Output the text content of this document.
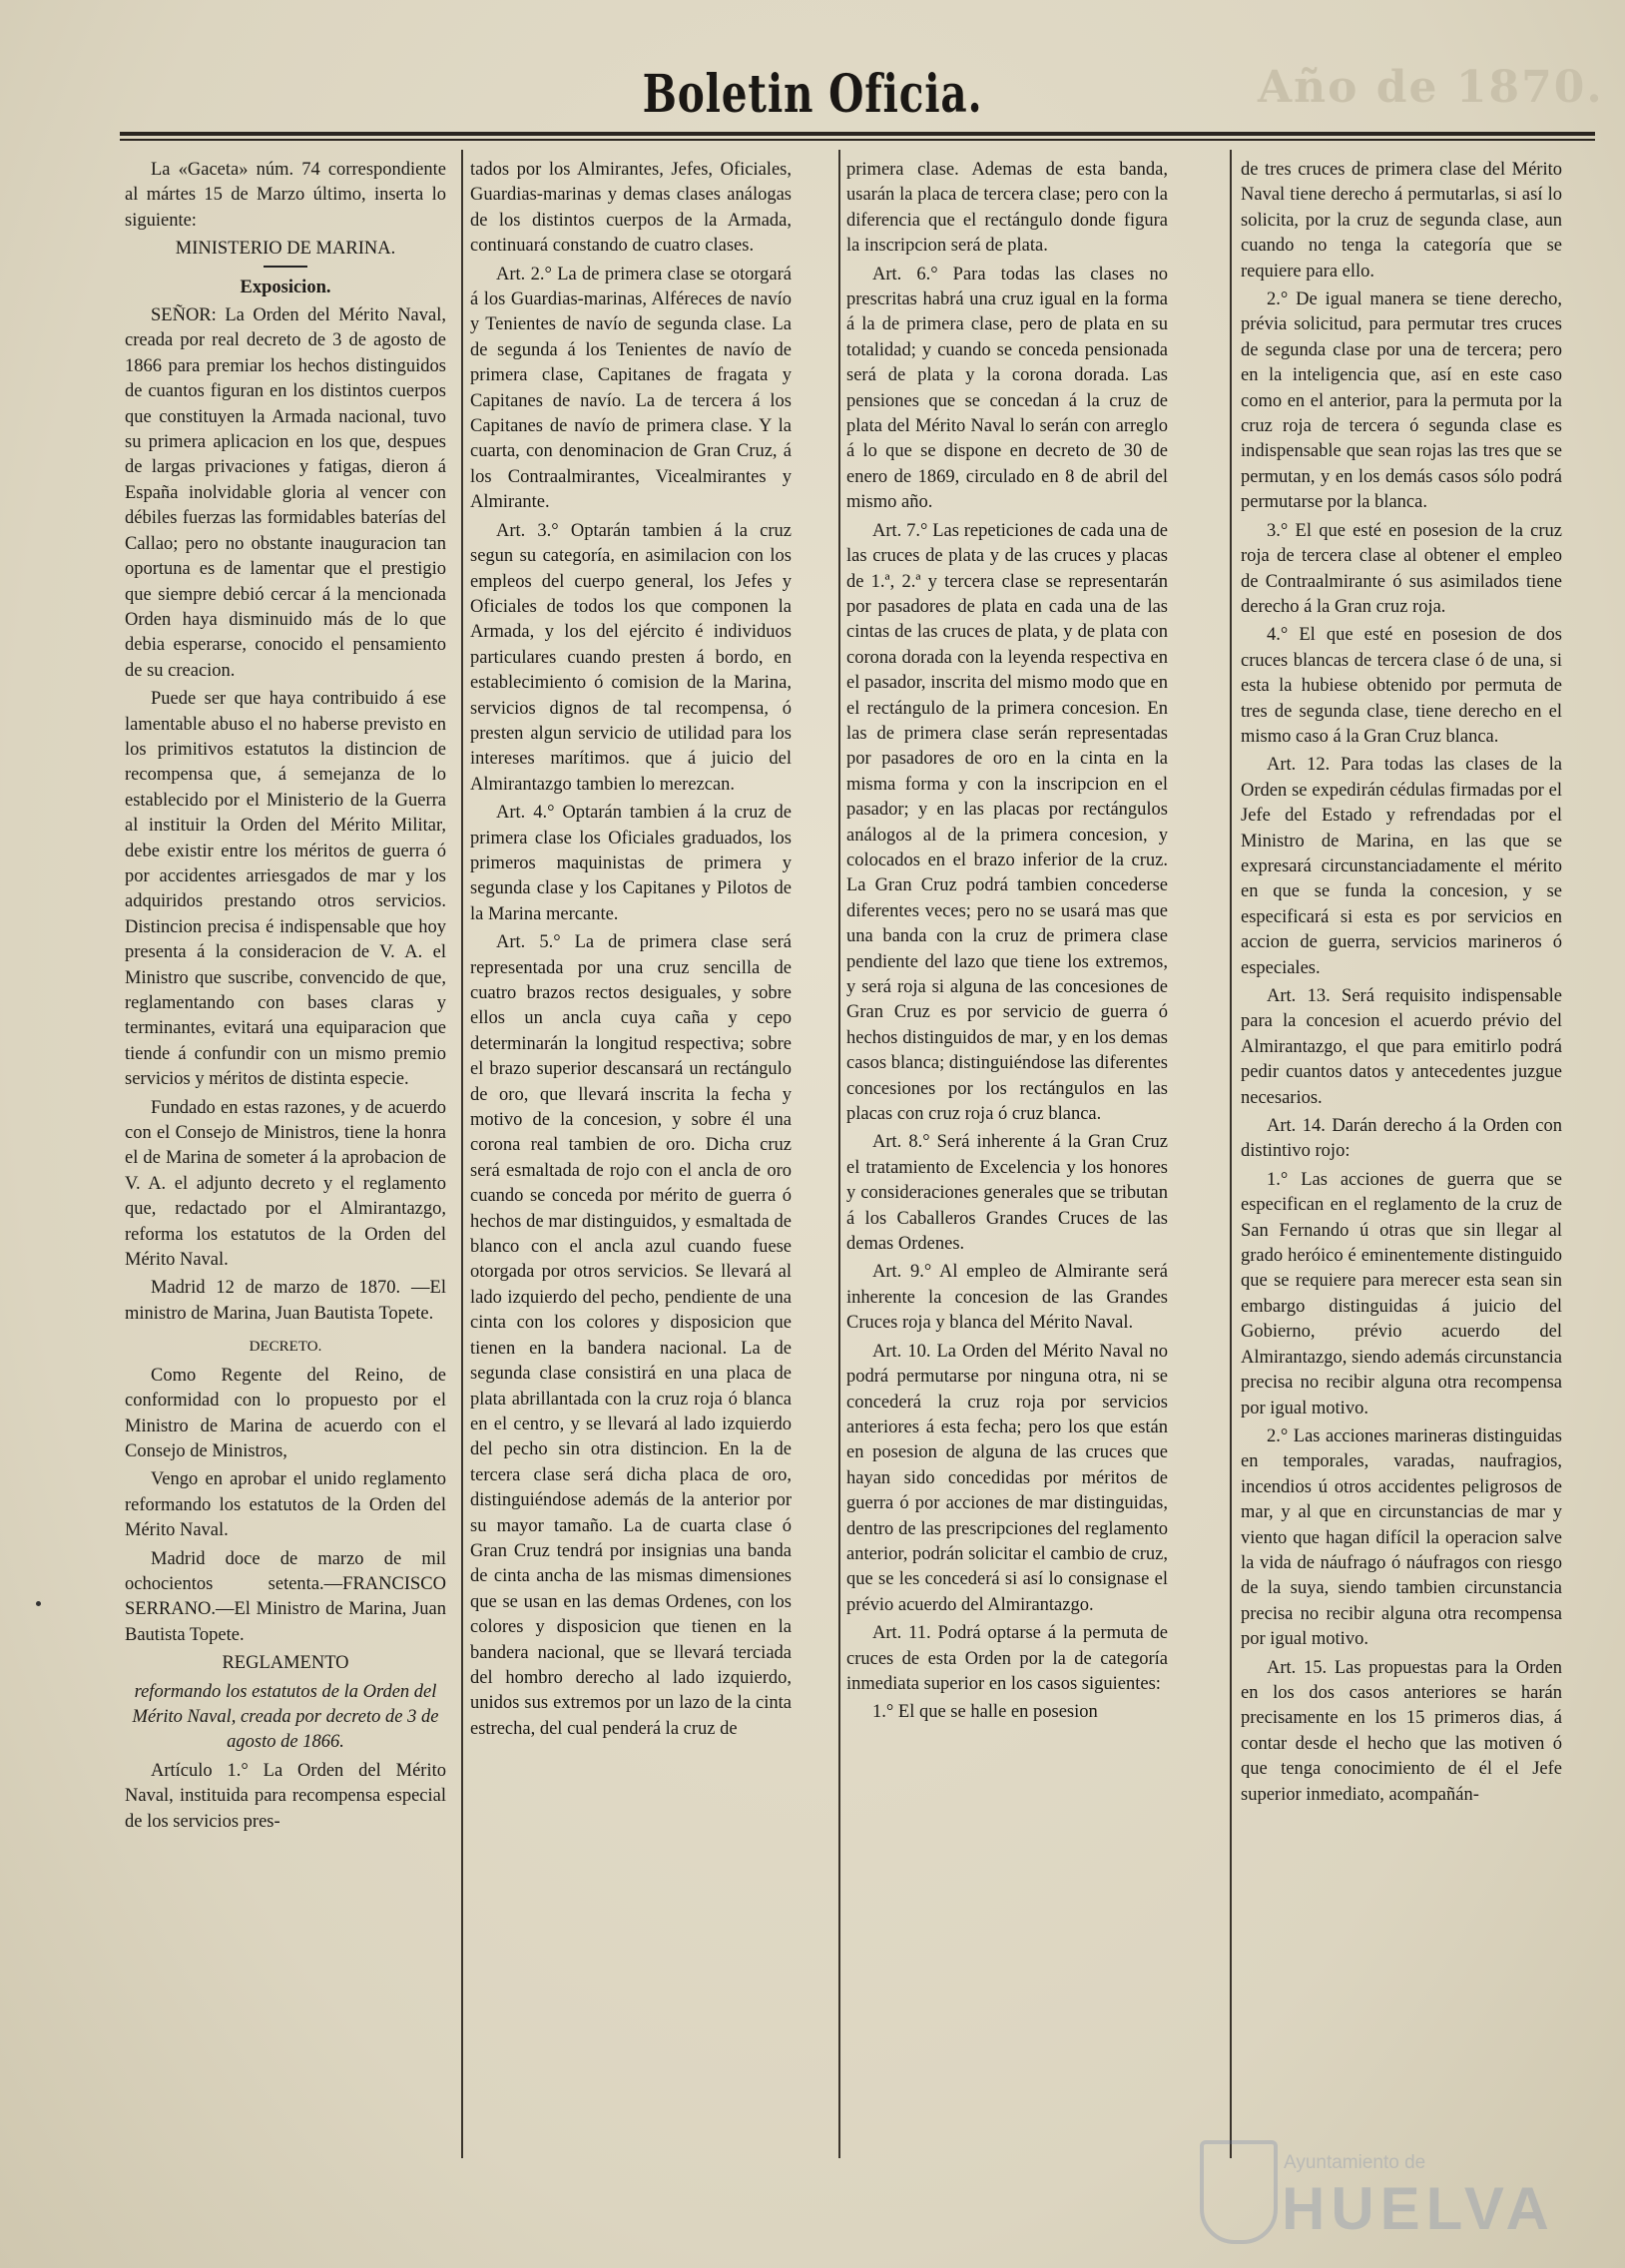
Año de 1870.
Boletin Oficia.

La «Gaceta» núm. 74 correspondiente al mártes 15 de Marzo último, inserta lo siguiente:

MINISTERIO DE MARINA.

Exposicion.

SEÑOR: La Orden del Mérito Naval, creada por real decreto de 3 de agosto de 1866 para premiar los hechos distinguidos de cuantos figuran en los distintos cuerpos que constituyen la Armada nacional, tuvo su primera aplicacion en los que, despues de largas privaciones y fatigas, dieron á España inolvidable gloria al vencer con débiles fuerzas las formidables baterías del Callao; pero no obstante inauguracion tan oportuna es de lamentar que el prestigio que siempre debió cercar á la mencionada Orden haya disminuido más de lo que debia esperarse, conocido el pensamiento de su creacion.

Puede ser que haya contribuido á ese lamentable abuso el no haberse previsto en los primitivos estatutos la distincion de recompensa que, á semejanza de lo establecido por el Ministerio de la Guerra al instituir la Orden del Mérito Militar, debe existir entre los méritos de guerra ó por accidentes arriesgados de mar y los adquiridos prestando otros servicios. Distincion precisa é indispensable que hoy presenta á la consideracion de V. A. el Ministro que suscribe, convencido de que, reglamentando con bases claras y terminantes, evitará una equiparacion que tiende á confundir con un mismo premio servicios y méritos de distinta especie.

Fundado en estas razones, y de acuerdo con el Consejo de Ministros, tiene la honra el de Marina de someter á la aprobacion de V. A. el adjunto decreto y el reglamento que, redactado por el Almirantazgo, reforma los estatutos de la Orden del Mérito Naval.

Madrid 12 de marzo de 1870. —El ministro de Marina, Juan Bautista Topete.

DECRETO.

Como Regente del Reino, de conformidad con lo propuesto por el Ministro de Marina de acuerdo con el Consejo de Ministros,

Vengo en aprobar el unido reglamento reformando los estatutos de la Orden del Mérito Naval.

Madrid doce de marzo de mil ochocientos setenta.—FRANCISCO SERRANO.—El Ministro de Marina, Juan Bautista Topete.

REGLAMENTO

reformando los estatutos de la Orden del Mérito Naval, creada por decreto de 3 de agosto de 1866.

Artículo 1.° La Orden del Mérito Naval, instituida para recompensa especial de los servicios pres-

tados por los Almirantes, Jefes, Oficiales, Guardias-marinas y demas clases análogas de los distintos cuerpos de la Armada, continuará constando de cuatro clases.

Art. 2.° La de primera clase se otorgará á los Guardias-marinas, Alféreces de navío y Tenientes de navío de segunda clase. La de segunda á los Tenientes de navío de primera clase, Capitanes de fragata y Capitanes de navío. La de tercera á los Capitanes de navío de primera clase. Y la cuarta, con denominacion de Gran Cruz, á los Contraalmirantes, Vicealmirantes y Almirante.

Art. 3.° Optarán tambien á la cruz segun su categoría, en asimilacion con los empleos del cuerpo general, los Jefes y Oficiales de todos los que componen la Armada, y los del ejército é individuos particulares cuando presten á bordo, en establecimiento ó comision de la Marina, servicios dignos de tal recompensa, ó presten algun servicio de utilidad para los intereses marítimos. que á juicio del Almirantazgo tambien lo merezcan.

Art. 4.° Optarán tambien á la cruz de primera clase los Oficiales graduados, los primeros maquinistas de primera y segunda clase y los Capitanes y Pilotos de la Marina mercante.

Art. 5.° La de primera clase será representada por una cruz sencilla de cuatro brazos rectos desiguales, y sobre ellos un ancla cuya caña y cepo determinarán la longitud respectiva; sobre el brazo superior descansará un rectángulo de oro, que llevará inscrita la fecha y motivo de la concesion, y sobre él una corona real tambien de oro. Dicha cruz será esmaltada de rojo con el ancla de oro cuando se conceda por mérito de guerra ó hechos de mar distinguidos, y esmaltada de blanco con el ancla azul cuando fuese otorgada por otros servicios. Se llevará al lado izquierdo del pecho, pendiente de una cinta con los colores y disposicion que tienen en la bandera nacional. La de segunda clase consistirá en una placa de plata abrillantada con la cruz roja ó blanca en el centro, y se llevará al lado izquierdo del pecho sin otra distincion. En la de tercera clase será dicha placa de oro, distinguiéndose además de la anterior por su mayor tamaño. La de cuarta clase ó Gran Cruz tendrá por insignias una banda de cinta ancha de las mismas dimensiones que se usan en las demas Ordenes, con los colores y disposicion que tienen en la bandera nacional, que se llevará terciada del hombro derecho al lado izquierdo, unidos sus extremos por un lazo de la cinta estrecha, del cual penderá la cruz de

primera clase. Ademas de esta banda, usarán la placa de tercera clase; pero con la diferencia que el rectángulo donde figura la inscripcion será de plata.

Art. 6.° Para todas las clases no prescritas habrá una cruz igual en la forma á la de primera clase, pero de plata en su totalidad; y cuando se conceda pensionada será de plata y la corona dorada. Las pensiones que se concedan á la cruz de plata del Mérito Naval lo serán con arreglo á lo que se dispone en decreto de 30 de enero de 1869, circulado en 8 de abril del mismo año.

Art. 7.° Las repeticiones de cada una de las cruces de plata y de las cruces y placas de 1.ª, 2.ª y tercera clase se representarán por pasadores de plata en cada una de las cintas de las cruces de plata, y de plata con corona dorada con la leyenda respectiva en el pasador, inscrita del mismo modo que en el rectángulo de la primera concesion. En las de primera clase serán representadas por pasadores de oro en la cinta en la misma forma y con la inscripcion en el pasador; y en las placas por rectángulos análogos al de la primera concesion, y colocados en el brazo inferior de la cruz. La Gran Cruz podrá tambien concederse diferentes veces; pero no se usará mas que una banda con la cruz de primera clase pendiente del lazo que tiene los extremos, y será roja si alguna de las concesiones de Gran Cruz es por servicio de guerra ó hechos distinguidos de mar, y en los demas casos blanca; distinguiéndose las diferentes concesiones por los rectángulos en las placas con cruz roja ó cruz blanca.

Art. 8.° Será inherente á la Gran Cruz el tratamiento de Excelencia y los honores y consideraciones generales que se tributan á los Caballeros Grandes Cruces de las demas Ordenes.

Art. 9.° Al empleo de Almirante será inherente la concesion de las Grandes Cruces roja y blanca del Mérito Naval.

Art. 10. La Orden del Mérito Naval no podrá permutarse por ninguna otra, ni se concederá la cruz roja por servicios anteriores á esta fecha; pero los que están en posesion de alguna de las cruces que hayan sido concedidas por méritos de guerra ó por acciones de mar distinguidas, dentro de las prescripciones del reglamento anterior, podrán solicitar el cambio de cruz, que se les concederá si así lo consignase el prévio acuerdo del Almirantazgo.

Art. 11. Podrá optarse á la permuta de cruces de esta Orden por la de categoría inmediata superior en los casos siguientes:

1.° El que se halle en posesion

de tres cruces de primera clase del Mérito Naval tiene derecho á permutarlas, si así lo solicita, por la cruz de segunda clase, aun cuando no tenga la categoría que se requiere para ello.

2.° De igual manera se tiene derecho, prévia solicitud, para permutar tres cruces de segunda clase por una de tercera; pero en la inteligencia que, así en este caso como en el anterior, para la permuta por la cruz roja de tercera ó segunda clase es indispensable que sean rojas las tres que se permutan, y en los demás casos sólo podrá permutarse por la blanca.

3.° El que esté en posesion de la cruz roja de tercera clase al obtener el empleo de Contraalmirante ó sus asimilados tiene derecho á la Gran cruz roja.

4.° El que esté en posesion de dos cruces blancas de tercera clase ó de una, si esta la hubiese obtenido por permuta de tres de segunda clase, tiene derecho en el mismo caso á la Gran Cruz blanca.

Art. 12. Para todas las clases de la Orden se expedirán cédulas firmadas por el Jefe del Estado y refrendadas por el Ministro de Marina, en las que se expresará circunstanciadamente el mérito en que se funda la concesion, y se especificará si esta es por servicios en accion de guerra, servicios marineros ó especiales.

Art. 13. Será requisito indispensable para la concesion el acuerdo prévio del Almirantazgo, el que para emitirlo podrá pedir cuantos datos y antecedentes juzgue necesarios.

Art. 14. Darán derecho á la Orden con distintivo rojo:

1.° Las acciones de guerra que se especifican en el reglamento de la cruz de San Fernando ú otras que sin llegar al grado heróico é eminentemente distinguido que se requiere para merecer esta sean sin embargo distinguidas á juicio del Gobierno, prévio acuerdo del Almirantazgo, siendo además circunstancia precisa no recibir alguna otra recompensa por igual motivo.

2.° Las acciones marineras distinguidas en temporales, varadas, naufragios, incendios ú otros accidentes peligrosos de mar, y al que en circunstancias de mar y viento que hagan difícil la operacion salve la vida de náufrago ó náufragos con riesgo de la suya, siendo tambien circunstancia precisa no recibir alguna otra recompensa por igual motivo.

Art. 15. Las propuestas para la Orden en los dos casos anteriores se harán precisamente en los 15 primeros dias, á contar desde el hecho que las motiven ó que tenga conocimiento de él el Jefe superior inmediato, acompañán-

Ayuntamiento de
HUELVA
